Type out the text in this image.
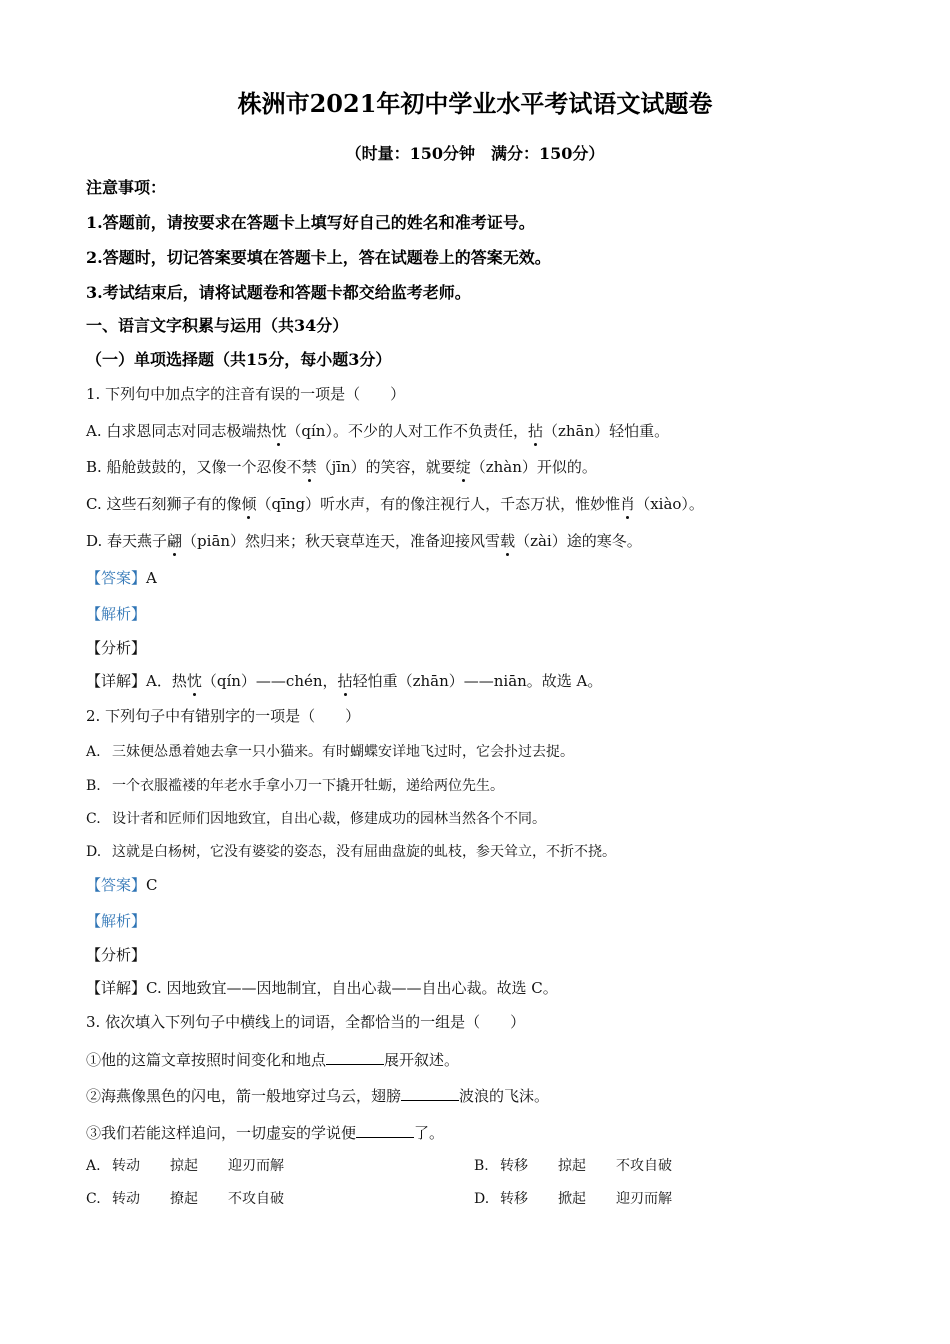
株洲市2021年初中学业水平考试语文试题卷
（时量：150分钟　满分：150分）
注意事项：
1.答题前，请按要求在答题卡上填写好自己的姓名和准考证号。
2.答题时，切记答案要填在答题卡上，答在试题卷上的答案无效。
3.考试结束后，请将试题卷和答题卡都交给监考老师。
一、语言文字积累与运用（共34分）
（一）单项选择题（共15分，每小题3分）
1. 下列句中加点字的注音有误的一项是（　　）
A. 白求恩同志对同志极端热忱（qín）。不少的人对工作不负责任，拈（zhān）轻怕重。
B. 船舱鼓鼓的，又像一个忍俊不禁（jīn）的笑容，就要绽（zhàn）开似的。
C. 这些石刻狮子有的像倾（qīng）听水声，有的像注视行人，千态万状，惟妙惟肖（xiào）。
D. 春天燕子翩（piān）然归来；秋天衰草连天，准备迎接风雪载（zài）途的寒冬。
【答案】A
【解析】
【分析】
【详解】A．热忱（qín）——chén，拈轻怕重（zhān）——niān。故选 A。
2. 下列句子中有错别字的一项是（　　）
A. 三妹便怂恿着她去拿一只小猫来。有时蝴蝶安详地飞过时，它会扑过去捉。
B. 一个衣服褴褛的年老水手拿小刀一下撬开牡蛎，递给两位先生。
C. 设计者和匠师们因地致宜，自出心裁，修建成功的园林当然各个不同。
D. 这就是白杨树，它没有婆娑的姿态，没有屈曲盘旋的虬枝，参天耸立，不折不挠。
【答案】C
【解析】
【分析】
【详解】C. 因地致宜——因地制宜，自出心裁——自出心裁。故选 C。
3. 依次填入下列句子中横线上的词语，全都恰当的一组是（　　）
①他的这篇文章按照时间变化和地点	展开叙述。
②海燕像黑色的闪电，箭一般地穿过乌云，翅膀	波浪的飞沫。
③我们若能这样追问，一切虚妄的学说便	了。
A. 转动 掠起 迎刃而解	B. 转移 掠起 不攻自破
C. 转动 撩起 不攻自破	D. 转移 掀起 迎刃而解
